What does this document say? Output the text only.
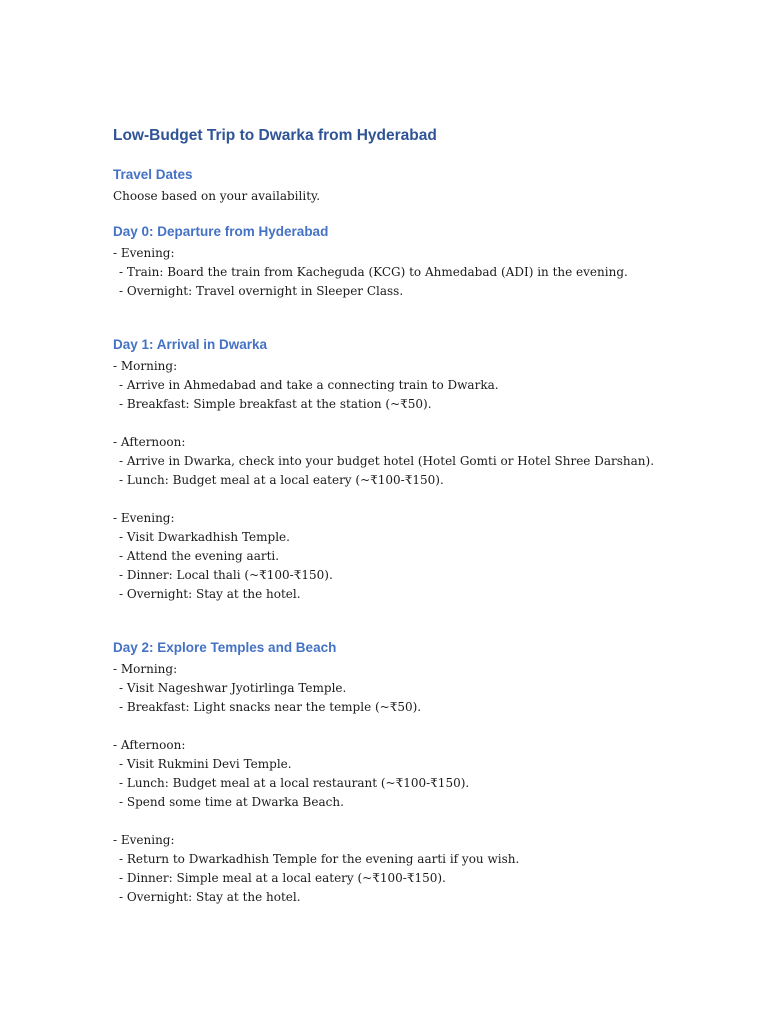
Low-Budget Trip to Dwarka from Hyderabad
Travel Dates
Choose based on your availability.
Day 0: Departure from Hyderabad
- Evening:
- Train: Board the train from Kacheguda (KCG) to Ahmedabad (ADI) in the evening.
- Overnight: Travel overnight in Sleeper Class.
Day 1: Arrival in Dwarka
- Morning:
- Arrive in Ahmedabad and take a connecting train to Dwarka.
- Breakfast: Simple breakfast at the station (~₹50).
- Afternoon:
- Arrive in Dwarka, check into your budget hotel (Hotel Gomti or Hotel Shree Darshan).
- Lunch: Budget meal at a local eatery (~₹100-₹150).
- Evening:
- Visit Dwarkadhish Temple.
- Attend the evening aarti.
- Dinner: Local thali (~₹100-₹150).
- Overnight: Stay at the hotel.
Day 2: Explore Temples and Beach
- Morning:
- Visit Nageshwar Jyotirlinga Temple.
- Breakfast: Light snacks near the temple (~₹50).
- Afternoon:
- Visit Rukmini Devi Temple.
- Lunch: Budget meal at a local restaurant (~₹100-₹150).
- Spend some time at Dwarka Beach.
- Evening:
- Return to Dwarkadhish Temple for the evening aarti if you wish.
- Dinner: Simple meal at a local eatery (~₹100-₹150).
- Overnight: Stay at the hotel.
